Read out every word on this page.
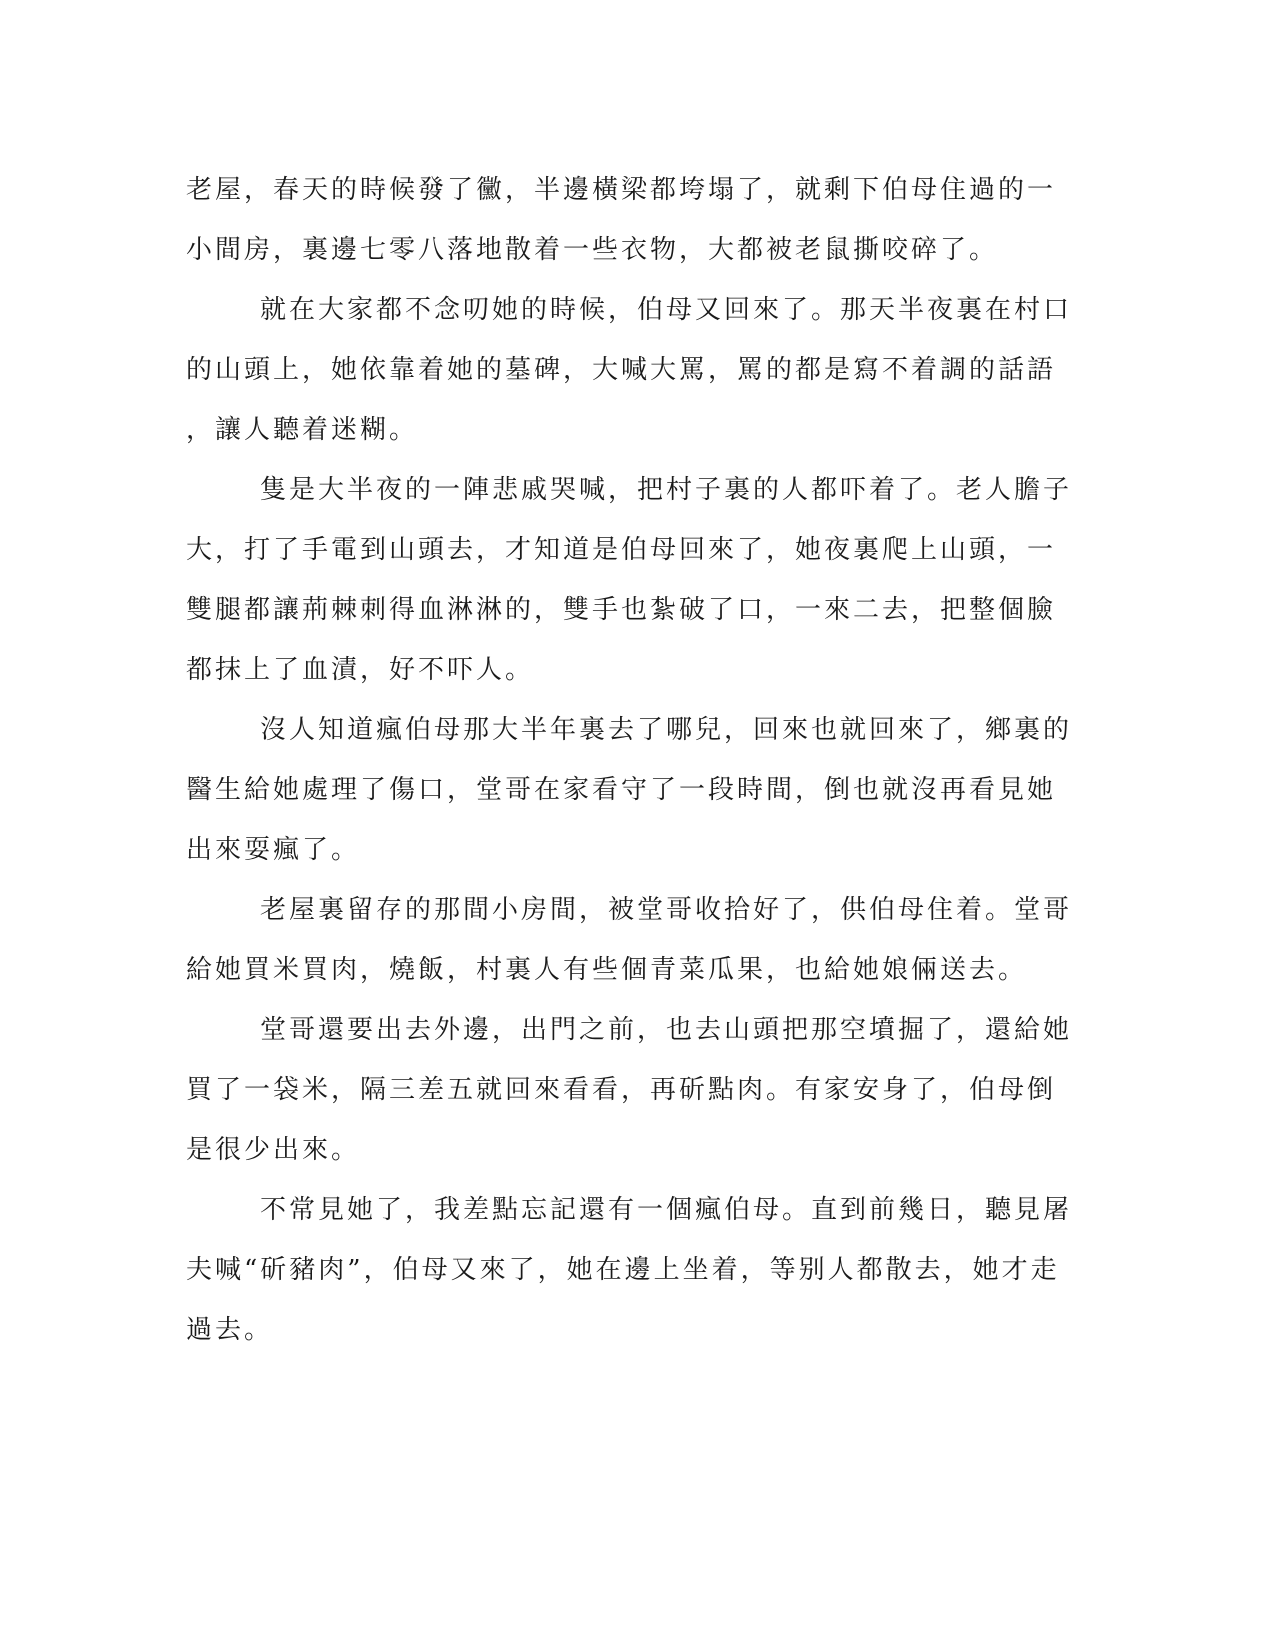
老屋，春天的時候發了黴，半邊橫梁都垮塌了，就剩下伯母住過的一
小間房，裏邊七零八落地散着一些衣物，大都被老鼠撕咬碎了。
就在大家都不念叨她的時候，伯母又回來了。那天半夜裏在村口
的山頭上，她依靠着她的墓碑，大喊大罵，罵的都是寫不着調的話語
，讓人聽着迷糊。
隻是大半夜的一陣悲戚哭喊，把村子裏的人都吓着了。老人膽子
大，打了手電到山頭去，才知道是伯母回來了，她夜裏爬上山頭，一
雙腿都讓荊棘刺得血淋淋的，雙手也紮破了口，一來二去，把整個臉
都抹上了血漬，好不吓人。
沒人知道瘋伯母那大半年裏去了哪兒，回來也就回來了，鄉裏的
醫生給她處理了傷口，堂哥在家看守了一段時間，倒也就沒再看見她
出來耍瘋了。
老屋裏留存的那間小房間，被堂哥收拾好了，供伯母住着。堂哥
給她買米買肉，燒飯，村裏人有些個青菜瓜果，也給她娘倆送去。
堂哥還要出去外邊，出門之前，也去山頭把那空墳掘了，還給她
買了一袋米，隔三差五就回來看看，再斫點肉。有家安身了，伯母倒
是很少出來。
不常見她了，我差點忘記還有一個瘋伯母。直到前幾日，聽見屠
夫喊“斫豬肉”，伯母又來了，她在邊上坐着，等别人都散去，她才走
過去。
